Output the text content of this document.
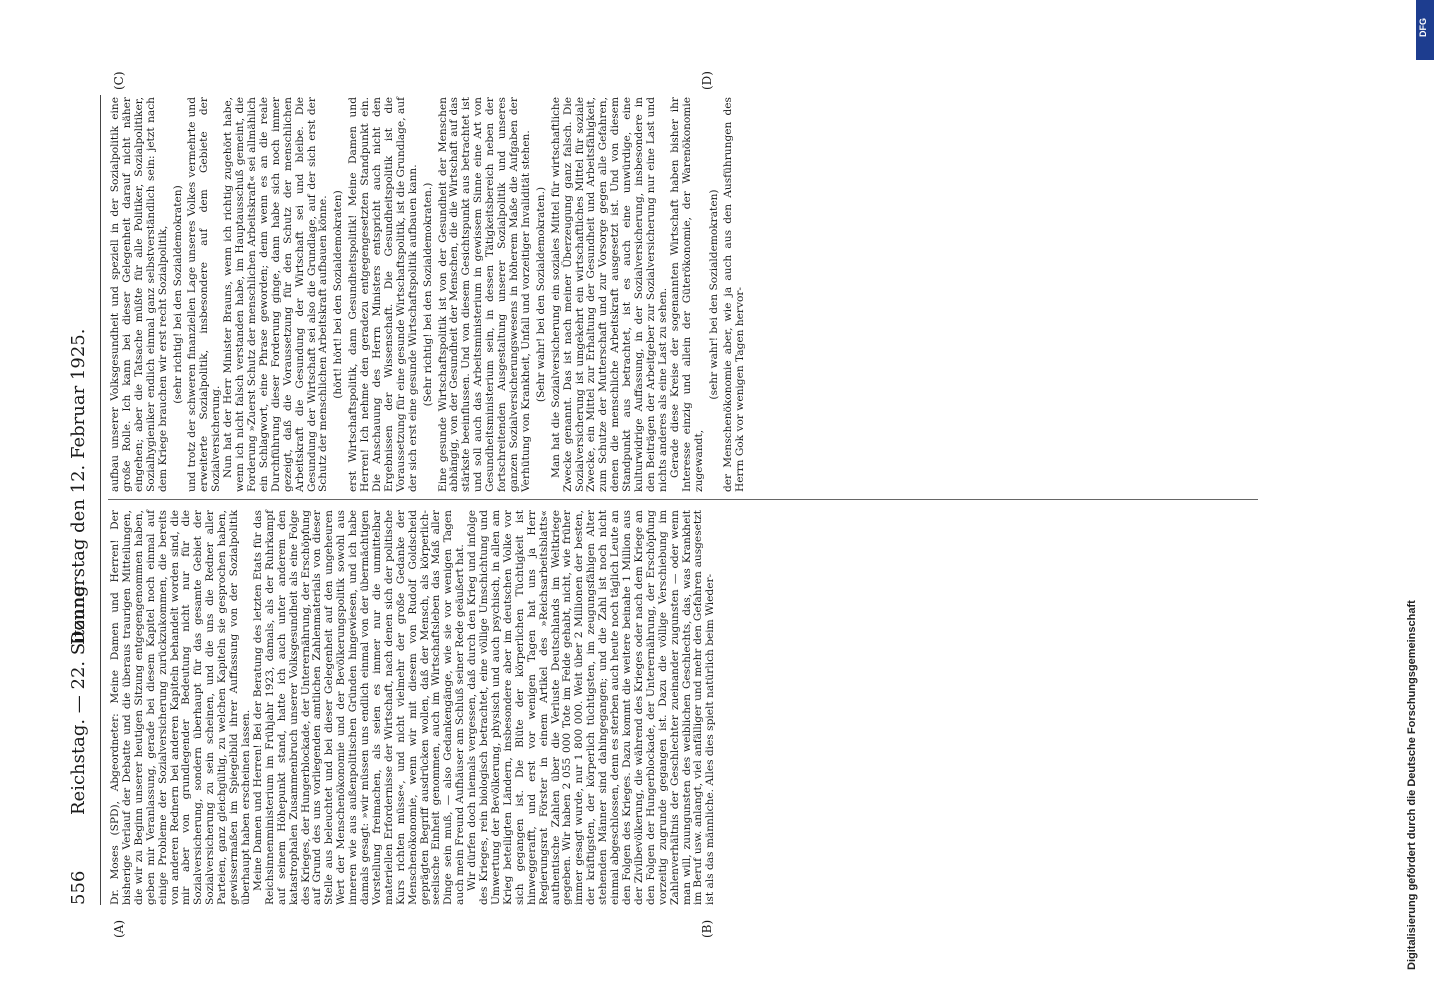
556
Reichstag. — 22. Sitzung.
Donnerstag den 12. Februar 1925.
(A)	(B)
(C)	(D)

Dr. Moses (SPD), Abgeordneter: Meine Damen und Herren! Der bisherige Verlauf der Debatte und die überaus traurigen Mitteilungen, die wir zu Beginn unserer heutigen Sitzung entgegengenommen haben, geben mir Veranlassung, gerade bei diesem Kapitel noch einmal auf einige Probleme der Sozialversicherung zurückzukommen, die bereits von anderen Rednern bei anderen Kapiteln behandelt worden sind, die mir aber von grundlegender Bedeutung nicht nur für die Sozialversicherung, sondern überhaupt für das gesamte Gebiet der Sozialversicherung zu sein scheinen, und die uns die Redner aller Parteien, ganz gleichgültig, zu welchen Kapiteln sie gesprochen haben, gewissermaßen im Spiegelbild ihrer Auffassung von der Sozialpolitik überhaupt haben erscheinen lassen. Meine Damen und Herren! Bei der Beratung des letzten Etats für das Reichsinnenministerium im Frühjahr 1923, damals, als der Ruhrkampf auf seinem Höhepunkt stand, hatte ich auch unter anderem den katastrophalen Zusammenbruch unserer Volksgesundheit als eine Folge des Krieges, der Hungerblockade, der Unterernährung, der Erschöpfung auf Grund des uns vorliegenden amtlichen Zahlenmaterials von dieser Stelle aus beleuchtet und bei dieser Gelegenheit auf den ungeheuren Wert der Menschenökonomie und der Bevölkerungspolitik sowohl aus inneren wie aus außenpolitischen Gründen hingewiesen, und ich habe damals gesagt: »wir müssen uns endlich einmal von der übermächtigen Vorstellung freimachen, als seien es immer nur die unmittelbar materiellen Erfordernisse der Wirtschaft, nach denen sich der politische Kurs richten müsse«, und nicht vielmehr der große Gedanke der Menschenökonomie, wenn wir mit diesem von Rudolf Goldscheid geprägten Begriff ausdrücken wollen, daß der Mensch, als körperlich-seelische Einheit genommen, auch im Wirtschaftsleben das Maß aller Dinge sein muß, — also Gedankengänge, wie sie vor wenigen Tagen auch mein Freund Aufhäuser am Schluß seiner Rede geäußert hat. Wir dürfen doch niemals vergessen, daß durch den Krieg und infolge des Krieges, rein biologisch betrachtet, eine völlige Umschichtung und Umwertung der Bevölkerung, physisch und auch psychisch, in allen am Krieg beteiligten Ländern, insbesondere aber im deutschen Volke vor sich gegangen ist. Die Blüte der körperlichen Tüchtigkeit ist hinweggerafft, und erst vor wenigen Tagen hat uns ja Herr Regierungsrat Förster in einem Artikel des »Reichsarbeitsblatts« authentische Zahlen über die Verluste Deutschlands im Weltkriege gegeben. Wir haben 2 055 000 Tote im Felde gehabt, nicht, wie früher immer gesagt wurde, nur 1 800 000. Weit über 2 Millionen der besten, der kräftigsten, der körperlich tüchtigsten, im zeugungsfähigen Alter stehenden Männer sind dahingegangen; und die Zahl ist noch nicht einmal abgeschlossen, denn es sterben auch heute noch täglich Leute an den Folgen des Krieges. Dazu kommt die weitere beinahe 1 Million aus der Zivilbevölkerung, die während des Krieges oder nach dem Kriege an den Folgen der Hungerblockade, der Unterernährung, der Erschöpfung vorzeitig zugrunde gegangen ist. Dazu die völlige Verschiebung im Zahlenverhältnis der Geschlechter zueinander zugunsten — oder wenn man will, zuungunsten des weiblichen Geschlechts, das, was Krankheit im Beruf usw. anlangt, viel anfälliger und mehr den Gefahren ausgesetzt ist als das männliche. Alles dies spielt natürlich beim Wieder-

aufbau unserer Volksgesundheit und speziell in der Sozialpolitik eine große Rolle. Ich kann bei dieser Gelegenheit darauf nicht näher eingehen; aber die Tatsache müßte für alle Politiker, Sozialpolitiker, Sozialhygieniker endlich einmal ganz selbstverständlich sein: jetzt nach dem Kriege brauchen wir erst recht Sozialpolitik, (sehr richtig! bei den Sozialdemokraten) und trotz der schweren finanziellen Lage unseres Volkes vermehrte und erweiterte Sozialpolitik, insbesondere auf dem Gebiete der Sozialversicherung. Nun hat der Herr Minister Brauns, wenn ich richtig zugehört habe, wenn ich nicht falsch verstanden habe, im Hauptausschuß gemeint, die Forderung »Zuerst Schutz der menschlichen Arbeitskraft« sei allmählich ein Schlagwort, eine Phrase geworden; denn wenn es an die reale Durchführung dieser Forderung ginge, dann habe sich noch immer gezeigt, daß die Voraussetzung für den Schutz der menschlichen Arbeitskraft die Gesundung der Wirtschaft sei und bleibe. Die Gesundung der Wirtschaft sei also die Grundlage, auf der sich erst der Schutz der menschlichen Arbeitskraft aufbauen könne. (hört! hört! bei den Sozialdemokraten) erst Wirtschaftspolitik, dann Gesundheitspolitik! Meine Damen und Herren! Ich nehme den geradezu entgegengesetzten Standpunkt ein. Die Anschauung des Herrn Ministers entspricht auch nicht den Ergebnissen der Wissenschaft. Die Gesundheitspolitik ist die Voraussetzung für eine gesunde Wirtschaftspolitik, ist die Grundlage, auf der sich erst eine gesunde Wirtschaftspolitik aufbauen kann. (Sehr richtig! bei den Sozialdemokraten.) Eine gesunde Wirtschaftspolitik ist von der Gesundheit der Menschen abhängig, von der Gesundheit der Menschen, die die Wirtschaft auf das stärkste beeinflussen. Und von diesem Gesichtspunkt aus betrachtet ist und soll auch das Arbeitsministerium in gewissem Sinne eine Art von Gesundheitsministerium sein, in dessen Tätigkeitsbereich neben der fortschreitenden Ausgestaltung unserer Sozialpolitik und unseres ganzen Sozialversicherungswesens in höherem Maße die Aufgaben der Verhütung von Krankheit, Unfall und vorzeitiger Invalidität stehen. (Sehr wahr! bei den Sozialdemokraten.) Man hat die Sozialversicherung ein soziales Mittel für wirtschaftliche Zwecke genannt. Das ist nach meiner Überzeugung ganz falsch. Die Sozialversicherung ist umgekehrt ein wirtschaftliches Mittel für soziale Zwecke, ein Mittel zur Erhaltung der Gesundheit und Arbeitsfähigkeit, zum Schutze der Mutterschaft und zur Vorsorge gegen alle Gefahren, denen die menschliche Arbeitskraft ausgesetzt ist. Und von diesem Standpunkt aus betrachtet, ist es auch eine unwürdige, eine kulturwidrige Auffassung, in der Sozialversicherung, insbesondere in den Beiträgen der Arbeitgeber zur Sozialversicherung nur eine Last und nichts anderes als eine Last zu sehen. Gerade diese Kreise der sogenannten Wirtschaft haben bisher ihr Interesse einzig und allein der Güterökonomie, der Warenökonomie zugewandt,

(sehr wahr! bei den Sozialdemokraten) der Menschenökonomie aber, wie ja auch aus den Ausführungen des Herrn Gok vor wenigen Tagen hervor-

DFG
Digitalisierung gefördert durch die Deutsche Forschungsgemeinschaft
